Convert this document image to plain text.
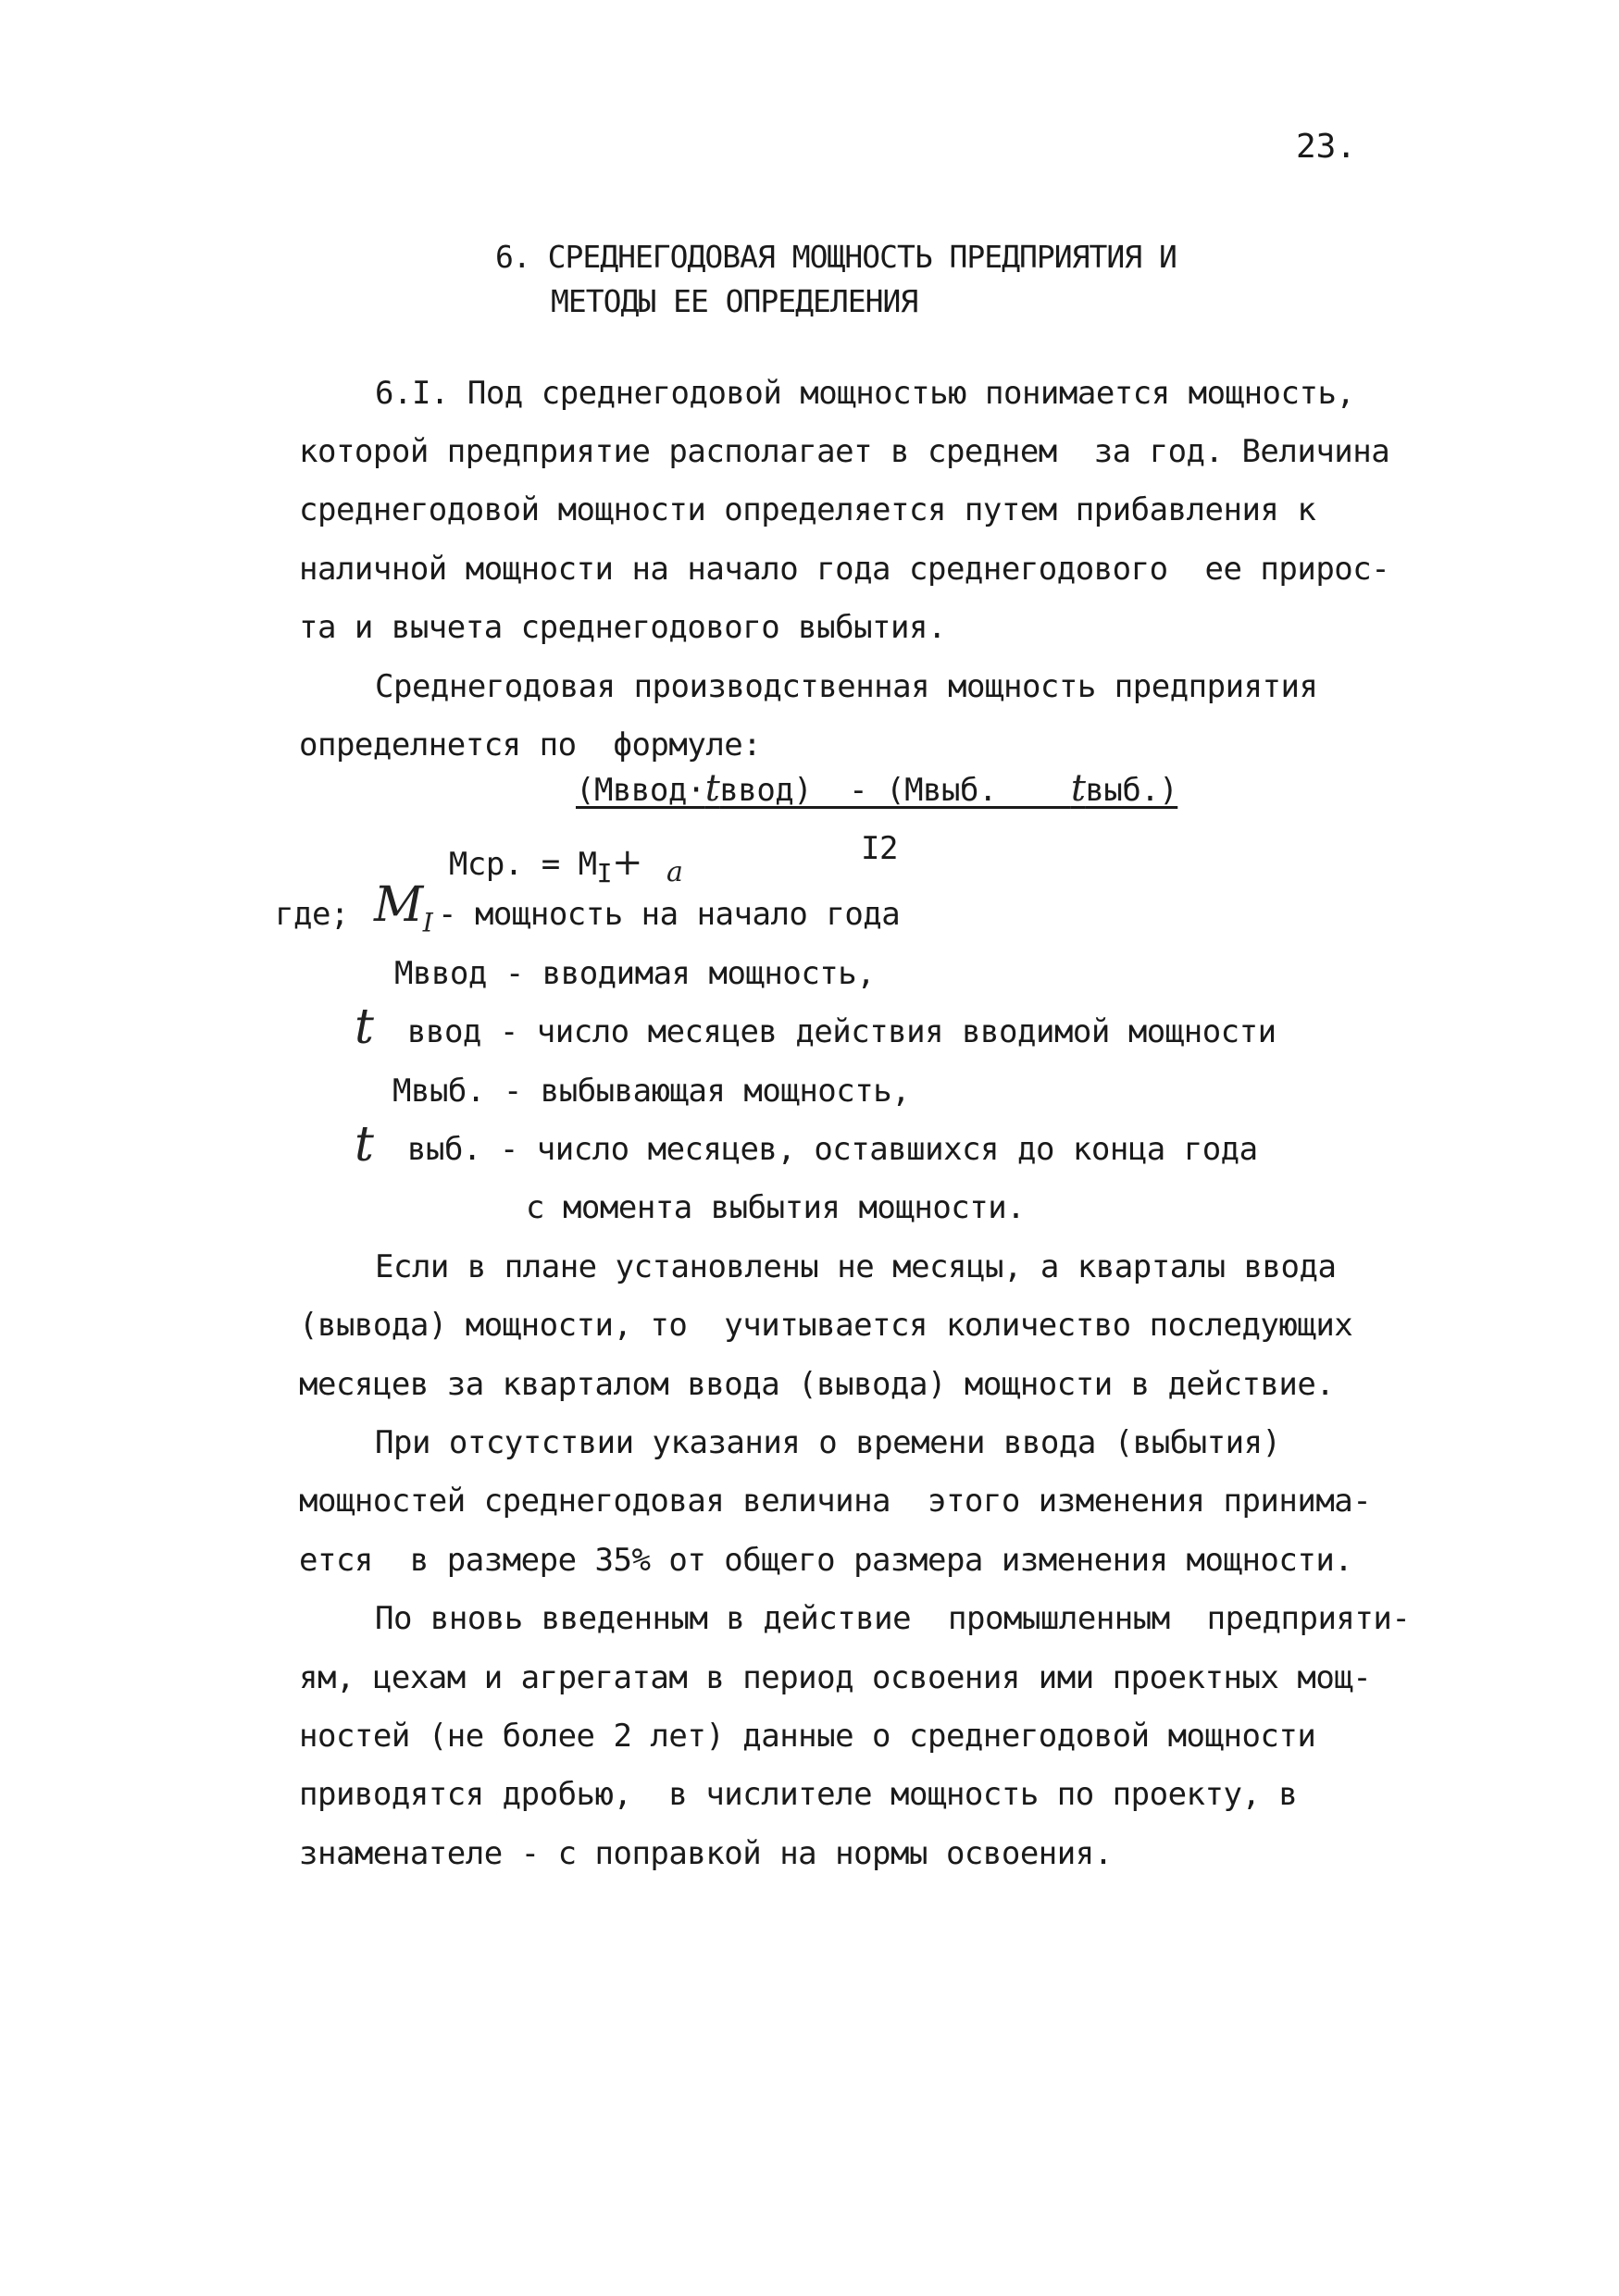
23.
6. СРЕДНЕГОДОВАЯ МОЩНОСТЬ ПРЕДПРИЯТИЯ И
МЕТОДЫ ЕЕ ОПРЕДЕЛЕНИЯ
6.I. Под среднегодовой мощностью понимается мощность,
которой предприятие располагает в среднем  за год. Величина
среднегодовой мощности определяется путем прибавления к
наличной мощности на начало года среднегодового  ее прирос-
та и вычета среднегодового выбытия.
Среднегодовая производственная мощность предприятия
определнется по  формуле:

Мср. = $М_I+$

(Мввод·tввод)  - (Мвыб.    tвыб.)
I2
где; $M_I$ - мощность на начало года
а
Мввод - вводимая мощность,
t ввод - число месяцев действия вводимой мощности
Мвыб. - выбывающая мощность,
t выб. - число месяцев, оставшихся до конца года
с момента выбытия мощности.
Если в плане установлены не месяцы, а кварталы ввода
(вывода) мощности, то  учитывается количество последующих
месяцев за кварталом ввода (вывода) мощности в действие.
При отсутствии указания о времени ввода (выбытия)
мощностей среднегодовая величина  этого изменения принима-
ется  в размере 35% от общего размера изменения мощности.
По вновь введенным в действие  промышленным  предприяти-
ям, цехам и агрегатам в период освоения ими проектных мощ-
ностей (не более 2 лет) данные о среднегодовой мощности
приводятся дробью,  в числителе мощность по проекту, в
знаменателе - с поправкой на нормы освоения.
